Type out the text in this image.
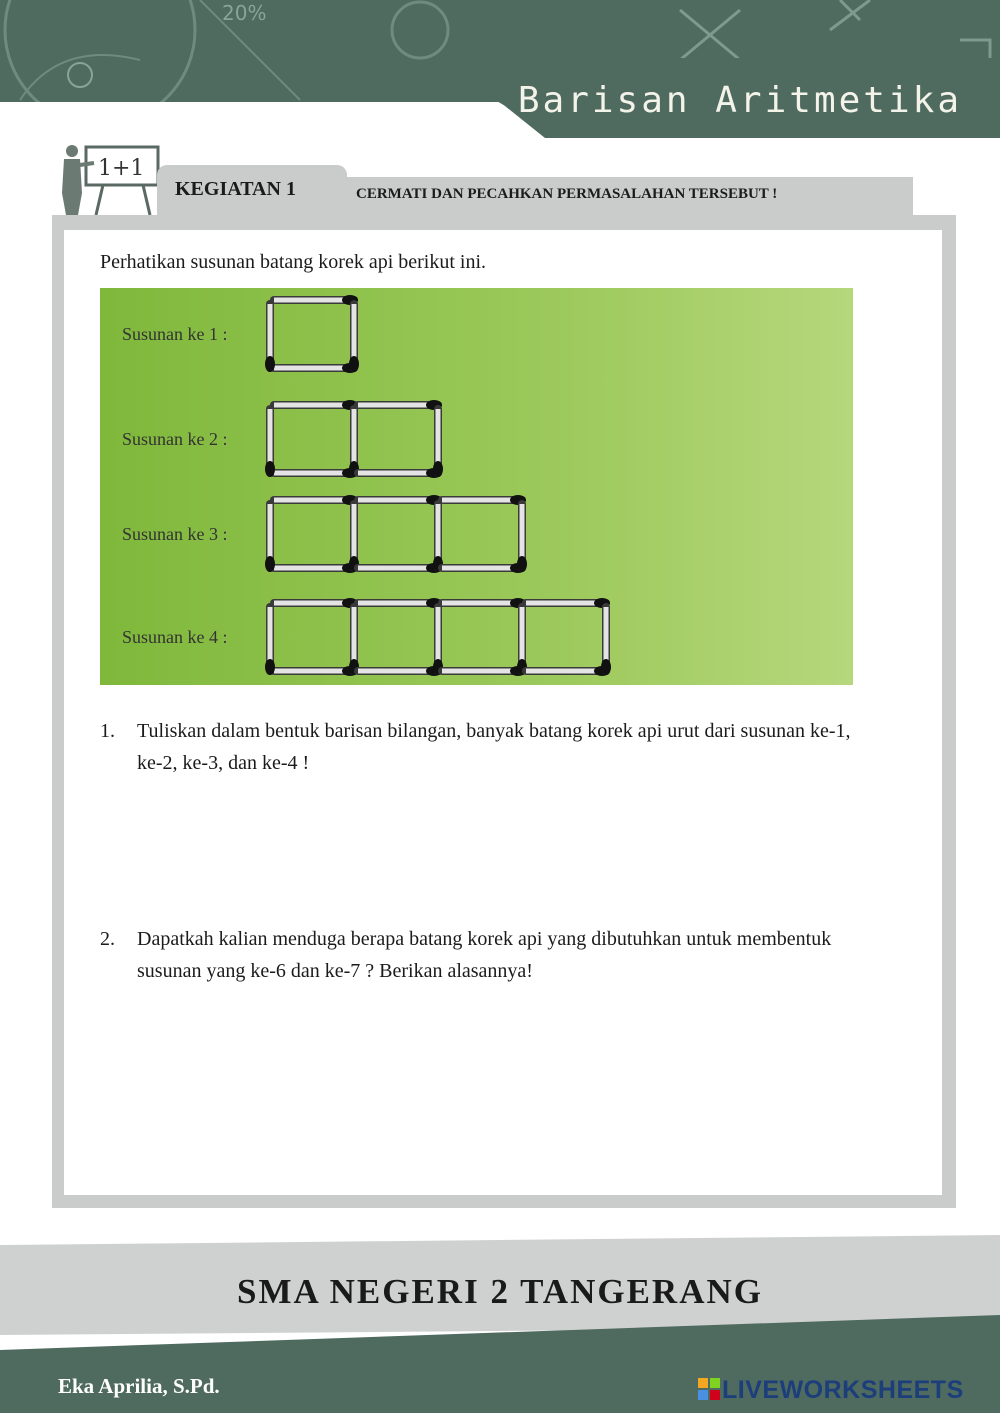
20%
Barisan Aritmetika
1+1
KEGIATAN 1	CERMATI DAN PECAHKAN PERMASALAHAN TERSEBUT !
Perhatikan susunan batang korek api berikut ini.
Susunan ke 1 :
Susunan ke 2 :
Susunan ke 3 :
Susunan ke 4 :
1. Tuliskan dalam bentuk barisan bilangan, banyak batang korek api urut dari susunan ke-1, ke-2, ke-3, dan ke-4 !
2. Dapatkah kalian menduga berapa batang korek api yang dibutuhkan untuk membentuk susunan yang ke-6 dan ke-7 ? Berikan alasannya!
SMA NEGERI 2 TANGERANG
Eka Aprilia, S.Pd.	LIVEWORKSHEETS
